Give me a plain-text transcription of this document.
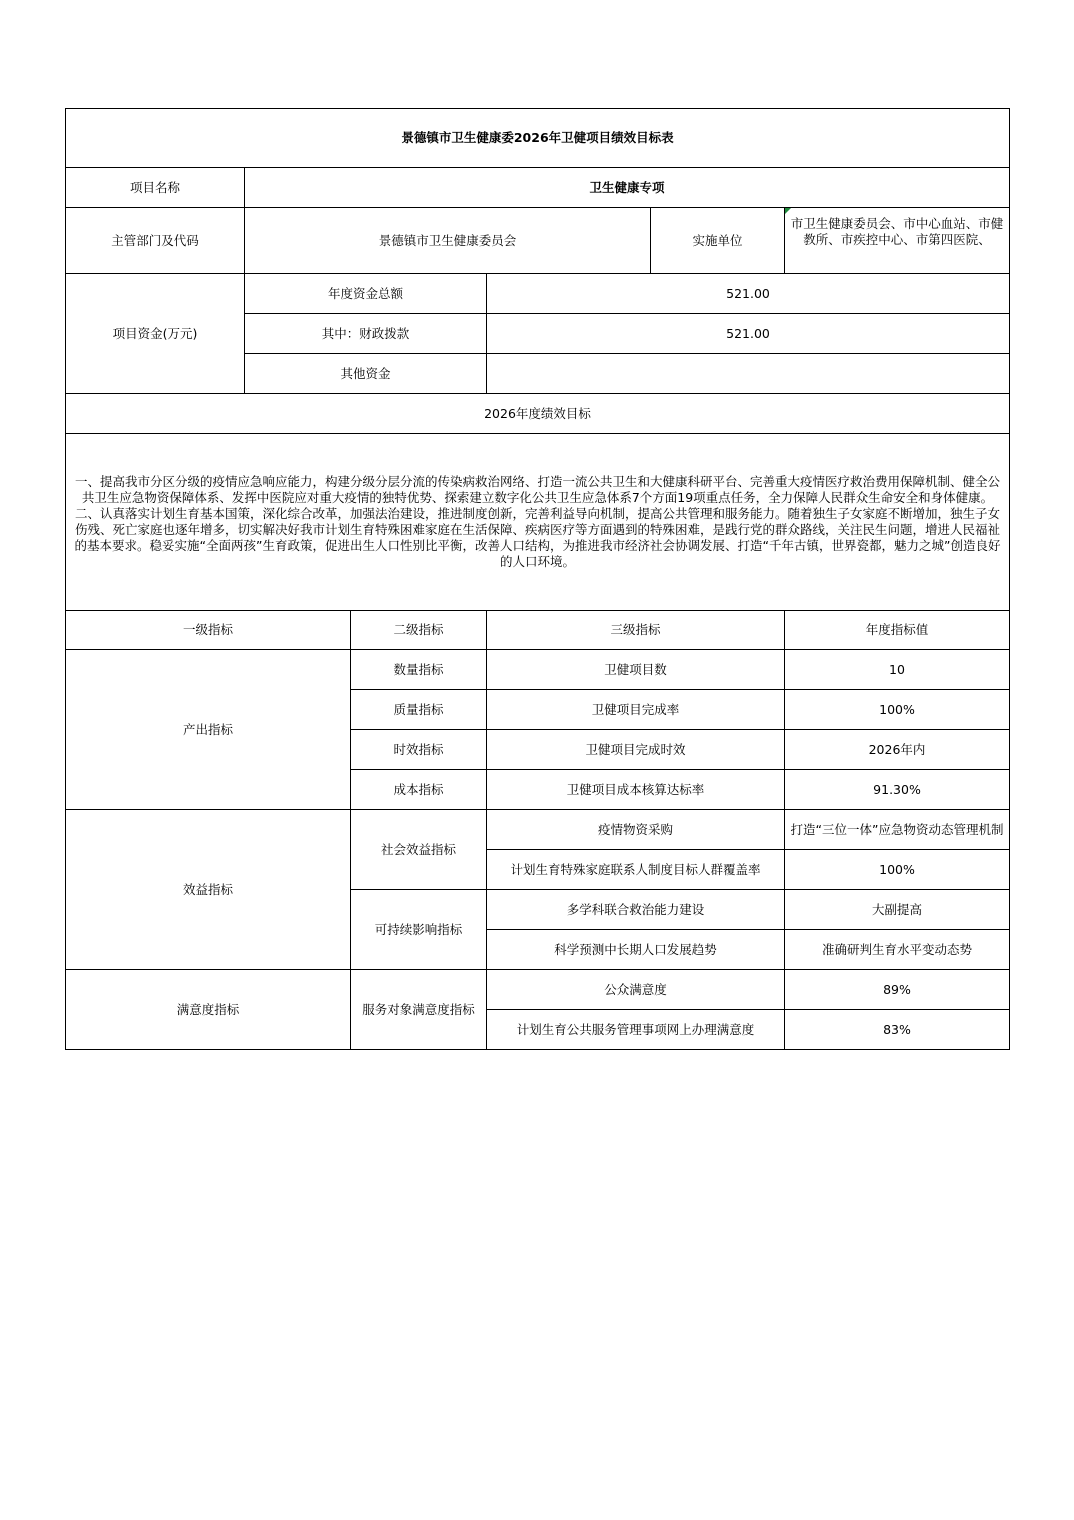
景德镇市卫生健康委2026年卫健项目绩效目标表					
项目名称	卫生健康专项				
主管部门及代码	景德镇市卫生健康委员会			实施单位	市卫生健康委员会、市中心血站、市健教所、市疾控中心、市第四医院、

项目资金(万元)	年度资金总额		521.00		
	其中：财政拨款		521.00		
	其他资金				
2026年度绩效目标					

一、提高我市分区分级的疫情应急响应能力，构建分级分层分流的传染病救治网络、打造一流公共卫生和大健康科研平台、完善重大疫情医疗救治费用保障机制、健全公共卫生应急物资保障体系、发挥中医院应对重大疫情的独特优势、探索建立数字化公共卫生应急体系7个方面19项重点任务，全力保障人民群众生命安全和身体健康。
二、认真落实计划生育基本国策，深化综合改革，加强法治建设，推进制度创新，完善利益导向机制，提高公共管理和服务能力。随着独生子女家庭不断增加，独生子女伤残、死亡家庭也逐年增多，切实解决好我市计划生育特殊困难家庭在生活保障、疾病医疗等方面遇到的特殊困难，是践行党的群众路线，关注民生问题，增进人民福祉的基本要求。稳妥实施“全面两孩”生育政策，促进出生人口性别比平衡，改善人口结构，为推进我市经济社会协调发展、打造“千年古镇，世界瓷都，魅力之城”创造良好的人口环境。					

一级指标		二级指标	三级指标		年度指标值
产出指标		数量指标	卫健项目数		10
		质量指标	卫健项目完成率		100%
		时效指标	卫健项目完成时效		2026年内
		成本指标	卫健项目成本核算达标率		91.30%
效益指标		社会效益指标	疫情物资采购		打造“三位一体”应急物资动态管理机制
			计划生育特殊家庭联系人制度目标人群覆盖率		100%
		可持续影响指标	多学科联合救治能力建设		大副提高
			科学预测中长期人口发展趋势		准确研判生育水平变动态势
满意度指标		服务对象满意度指标	公众满意度		89%
			计划生育公共服务管理事项网上办理满意度		83%
